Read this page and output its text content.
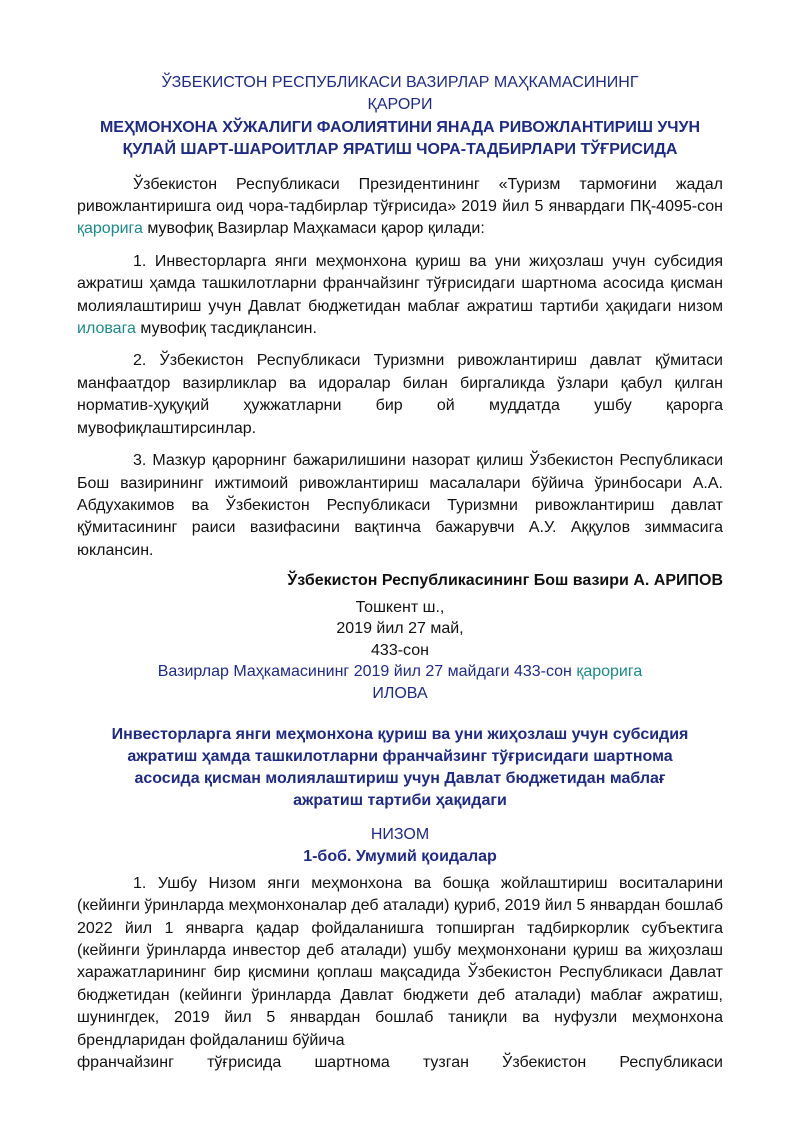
ЎЗБЕКИСТОН РЕСПУБЛИКАСИ ВАЗИРЛАР МАҲКАМАСИНИНГ
ҚАРОРИ
МЕҲМОНХОНА ХЎЖАЛИГИ ФАОЛИЯТИНИ ЯНАДА РИВОЖЛАНТИРИШ УЧУН
ҚУЛАЙ ШАРТ-ШАРОИТЛАР ЯРАТИШ ЧОРА-ТАДБИРЛАРИ ТЎҒРИСИДА

Ўзбекистон Республикаси Президентининг «Туризм тармоғини жадал ривожлантиришга оид чора-тадбирлар тўғрисида» 2019 йил 5 январдаги ПҚ-4095-сон қарорига мувофиқ Вазирлар Маҳкамаси қарор қилади:

1. Инвесторларга янги меҳмонхона қуриш ва уни жиҳозлаш учун субсидия ажратиш ҳамда ташкилотларни франчайзинг тўғрисидаги шартнома асосида қисман молиялаштириш учун Давлат бюджетидан маблағ ажратиш тартиби ҳақидаги низом иловага мувофиқ тасдиқлансин.

2. Ўзбекистон Республикаси Туризмни ривожлантириш давлат қўмитаси манфаатдор вазирликлар ва идоралар билан биргаликда ўзлари қабул қилган норматив-ҳуқуқий ҳужжатларни бир ой муддатда ушбу қарорга мувофиқлаштирсинлар.

3. Мазкур қарорнинг бажарилишини назорат қилиш Ўзбекистон Республикаси Бош вазирининг ижтимоий ривожлантириш масалалари бўйича ўринбосари А.А. Абдухакимов ва Ўзбекистон Республикаси Туризмни ривожлантириш давлат қўмитасининг раиси вазифасини вақтинча бажарувчи А.У. Аққулов зиммасига юклансин.

Ўзбекистон Республикасининг Бош вазири А. АРИПОВ
Тошкент ш.,
2019 йил 27 май,
433-сон
Вазирлар Маҳкамасининг 2019 йил 27 майдаги 433-сон қарорига
ИЛОВА
Инвесторларга янги меҳмонхона қуриш ва уни жиҳозлаш учун субсидия
ажратиш ҳамда ташкилотларни франчайзинг тўғрисидаги шартнома
асосида қисман молиялаштириш учун Давлат бюджетидан маблағ
ажратиш тартиби ҳақидаги
НИЗОМ
1-боб. Умумий қоидалар

1. Ушбу Низом янги меҳмонхона ва бошқа жойлаштириш воситаларини (кейинги ўринларда меҳмонхоналар деб аталади) қуриб, 2019 йил 5 январдан бошлаб 2022 йил 1 январга қадар фойдаланишга топширган тадбиркорлик субъектига (кейинги ўринларда инвестор деб аталади) ушбу меҳмонхонани қуриш ва жиҳозлаш харажатларининг бир қисмини қоплаш мақсадида Ўзбекистон Республикаси Давлат бюджетидан (кейинги ўринларда Давлат бюджети деб аталади) маблағ ажратиш, шунингдек, 2019 йил 5 январдан бошлаб таниқли ва нуфузли меҳмонхона брендларидан фойдаланиш бўйича

франчайзинг тўғрисида шартнома тузган Ўзбекистон Республикаси
